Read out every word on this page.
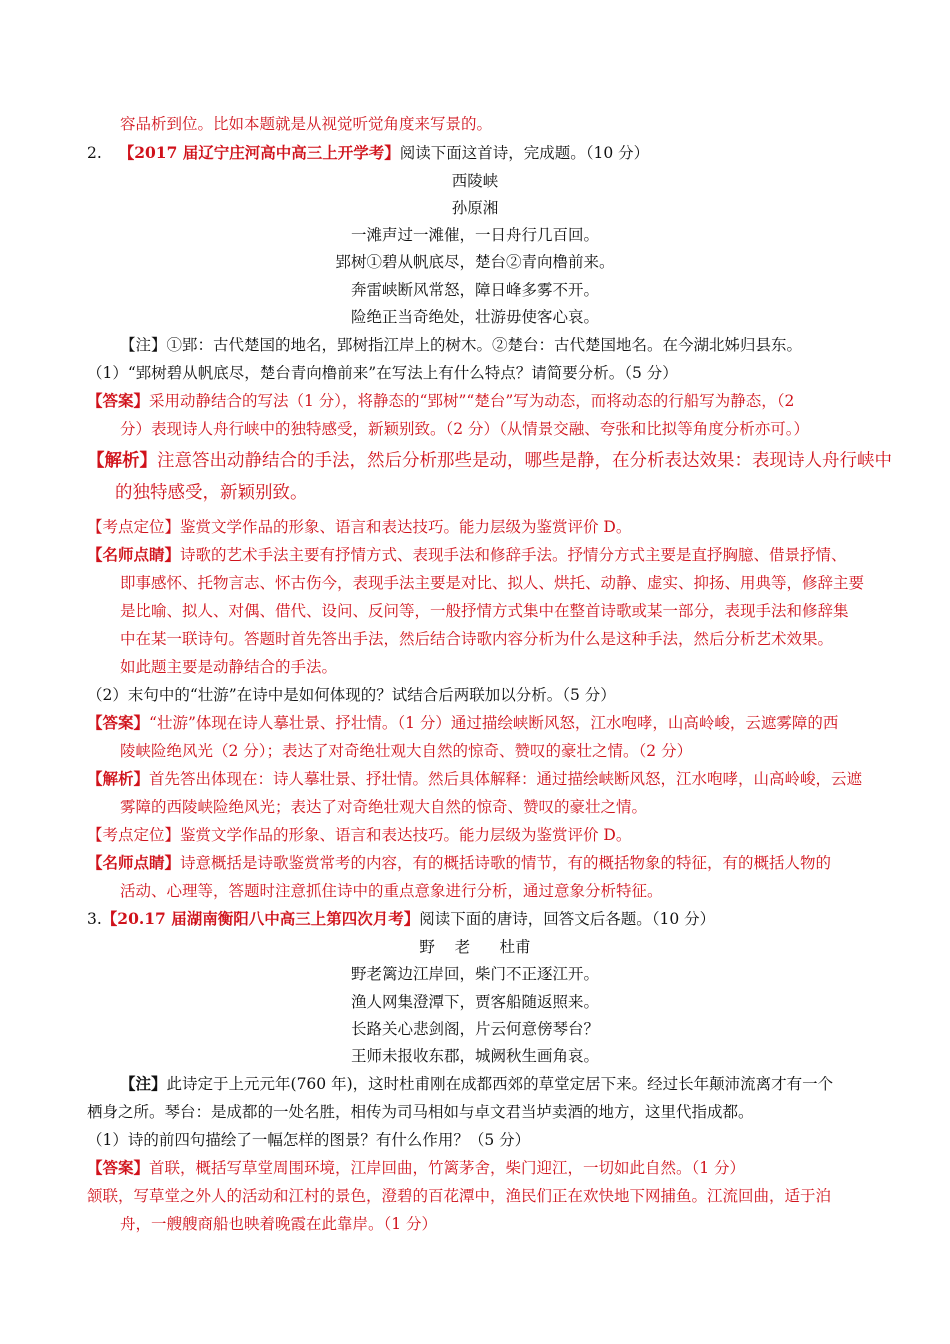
容品析到位。比如本题就是从视觉听觉角度来写景的。
2. 【2017 届辽宁庄河高中高三上开学考】阅读下面这首诗，完成题。（10 分）
西陵峡
孙原湘
一滩声过一滩催，一日舟行几百回。
郢树①碧从帆底尽，楚台②青向橹前来。
奔雷峡断风常怒，障日峰多雾不开。
险绝正当奇绝处，壮游毋使客心哀。
【注】①郢：古代楚国的地名，郢树指江岸上的树木。②楚台：古代楚国地名。在今湖北姊归县东。
（1）“郢树碧从帆底尽，楚台青向橹前来”在写法上有什么特点？请简要分析。（5 分）
【答案】采用动静结合的写法（1 分），将静态的“郢树”“楚台”写为动态，而将动态的行船写为静态，（2
分）表现诗人舟行峡中的独特感受，新颖别致。（2 分）（从情景交融、夸张和比拟等角度分析亦可。）
【解析】注意答出动静结合的手法，然后分析那些是动，哪些是静，在分析表达效果：表现诗人舟行峡中
的独特感受，新颖别致。
【考点定位】鉴赏文学作品的形象、语言和表达技巧。能力层级为鉴赏评价 D。
【名师点睛】诗歌的艺术手法主要有抒情方式、表现手法和修辞手法。抒情分方式主要是直抒胸臆、借景抒情、
即事感怀、托物言志、怀古伤今，表现手法主要是对比、拟人、烘托、动静、虚实、抑扬、用典等，修辞主要
是比喻、拟人、对偶、借代、设问、反问等，一般抒情方式集中在整首诗歌或某一部分，表现手法和修辞集
中在某一联诗句。答题时首先答出手法，然后结合诗歌内容分析为什么是这种手法，然后分析艺术效果。
如此题主要是动静结合的手法。
（2）末句中的“壮游”在诗中是如何体现的？试结合后两联加以分析。（5 分）
【答案】“壮游”体现在诗人摹壮景、抒壮情。（1 分）通过描绘峡断风怒，江水咆哮，山高岭峻，云遮雾障的西
陵峡险绝风光（2 分）；表达了对奇绝壮观大自然的惊奇、赞叹的豪壮之情。（2 分）
【解析】首先答出体现在：诗人摹壮景、抒壮情。然后具体解释：通过描绘峡断风怒，江水咆哮，山高岭峻，云遮
雾障的西陵峡险绝风光；表达了对奇绝壮观大自然的惊奇、赞叹的豪壮之情。
【考点定位】鉴赏文学作品的形象、语言和表达技巧。能力层级为鉴赏评价 D。
【名师点睛】诗意概括是诗歌鉴赏常考的内容，有的概括诗歌的情节，有的概括物象的特征，有的概括人物的
活动、心理等，答题时注意抓住诗中的重点意象进行分析，通过意象分析特征。
3.【20.17 届湖南衡阳八中高三上第四次月考】阅读下面的唐诗，回答文后各题。（10 分）
野    老      杜甫
野老篱边江岸回，柴门不正逐江开。
渔人网集澄潭下，贾客船随返照来。
长路关心悲剑阁，片云何意傍琴台？
王师未报收东郡，城阙秋生画角哀。
【注】此诗定于上元元年(760 年)，这时杜甫刚在成都西郊的草堂定居下来。经过长年颠沛流离才有一个
栖身之所。琴台：是成都的一处名胜，相传为司马相如与卓文君当垆卖酒的地方，这里代指成都。
（1）诗的前四句描绘了一幅怎样的图景？有什么作用？（5 分）
【答案】首联，概括写草堂周围环境，江岸回曲，竹篱茅舍，柴门迎江，一切如此自然。（1 分）
颔联，写草堂之外人的活动和江村的景色，澄碧的百花潭中，渔民们正在欢快地下网捕鱼。江流回曲，适于泊
舟，一艘艘商船也映着晚霞在此靠岸。（1 分）
